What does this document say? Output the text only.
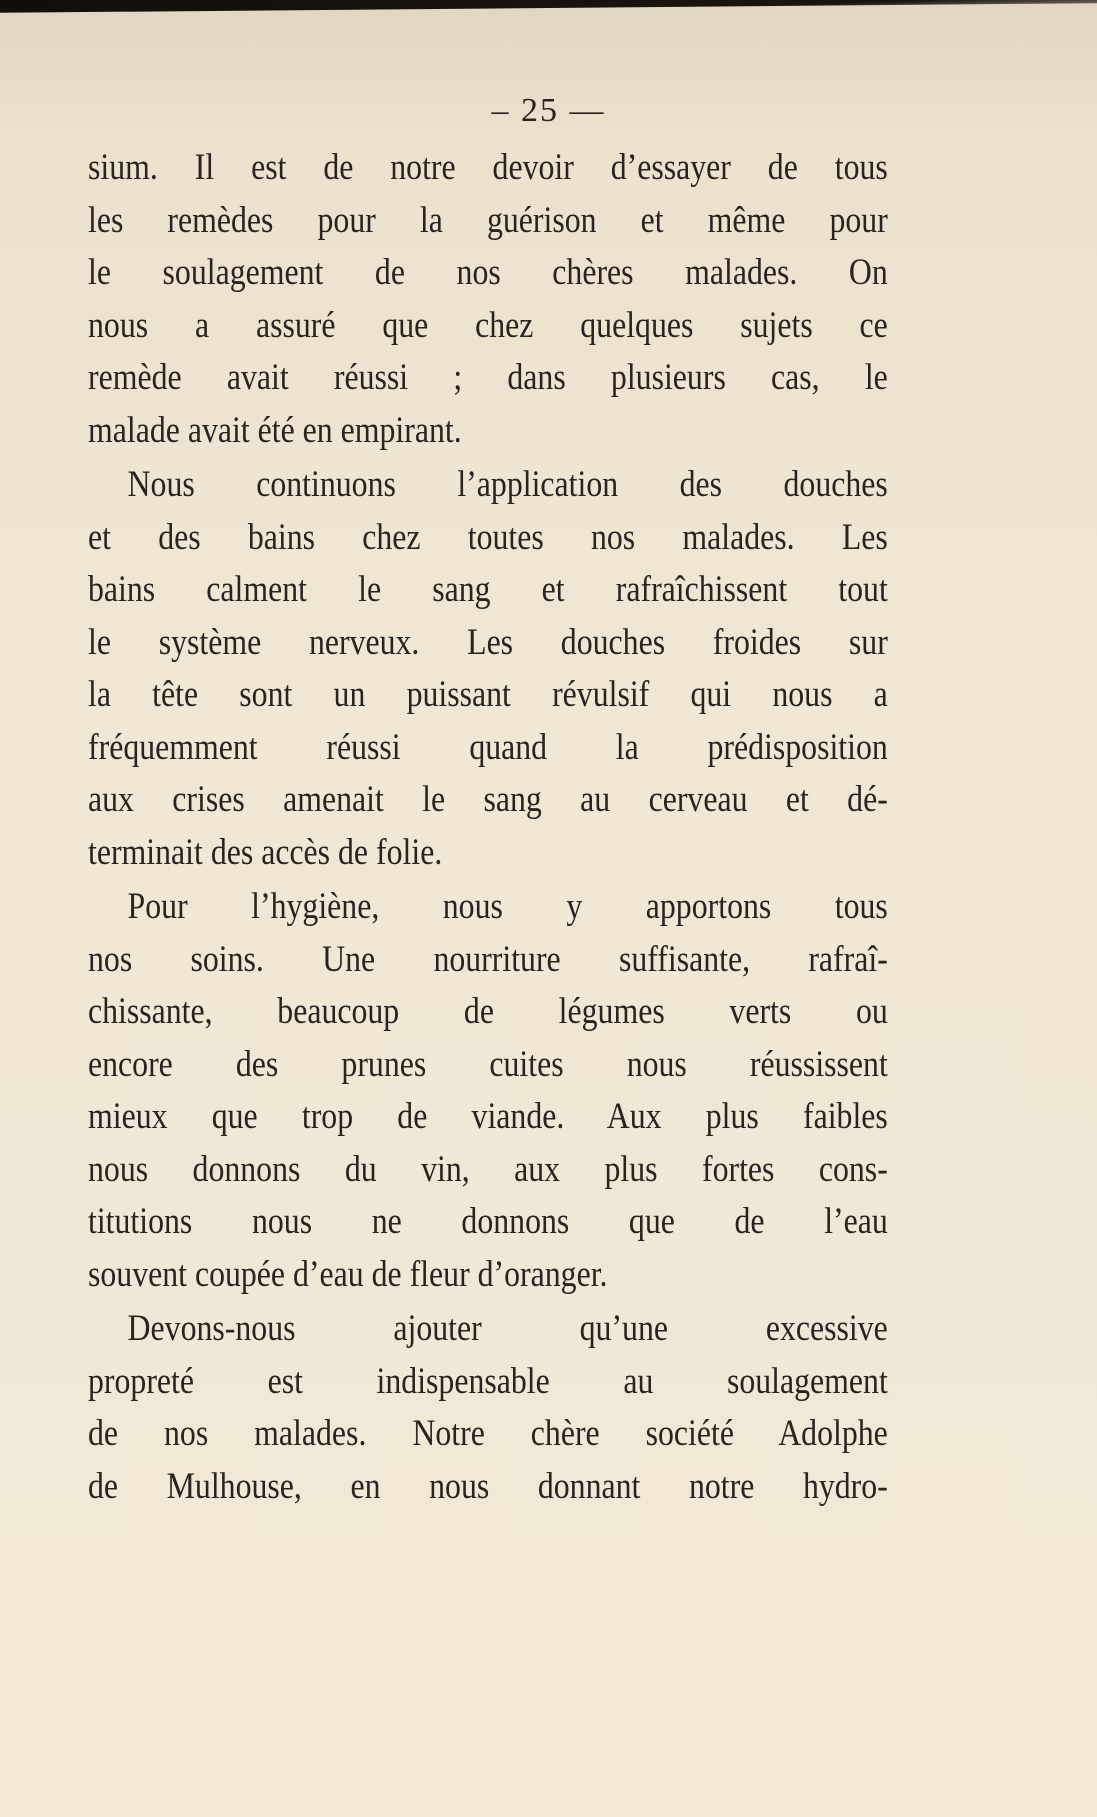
– 25 —
sium. Il est de notre devoir d’essayer de tous
les remèdes pour la guérison et même pour
le soulagement de nos chères malades. On
nous a assuré que chez quelques sujets ce
remède avait réussi ; dans plusieurs cas, le
malade avait été en empirant.
Nous continuons l’application des douches
et des bains chez toutes nos malades. Les
bains calment le sang et rafraîchissent tout
le système nerveux. Les douches froides sur
la tête sont un puissant révulsif qui nous a
fréquemment réussi quand la prédisposition
aux crises amenait le sang au cerveau et dé-
terminait des accès de folie.
Pour l’hygiène, nous y apportons tous
nos soins. Une nourriture suffisante, rafraî-
chissante, beaucoup de légumes verts ou
encore des prunes cuites nous réussissent
mieux que trop de viande. Aux plus faibles
nous donnons du vin, aux plus fortes cons-
titutions nous ne donnons que de l’eau
souvent coupée d’eau de fleur d’oranger.
Devons-nous ajouter qu’une excessive
propreté est indispensable au soulagement
de nos malades. Notre chère société Adolphe
de Mulhouse, en nous donnant notre hydro-
